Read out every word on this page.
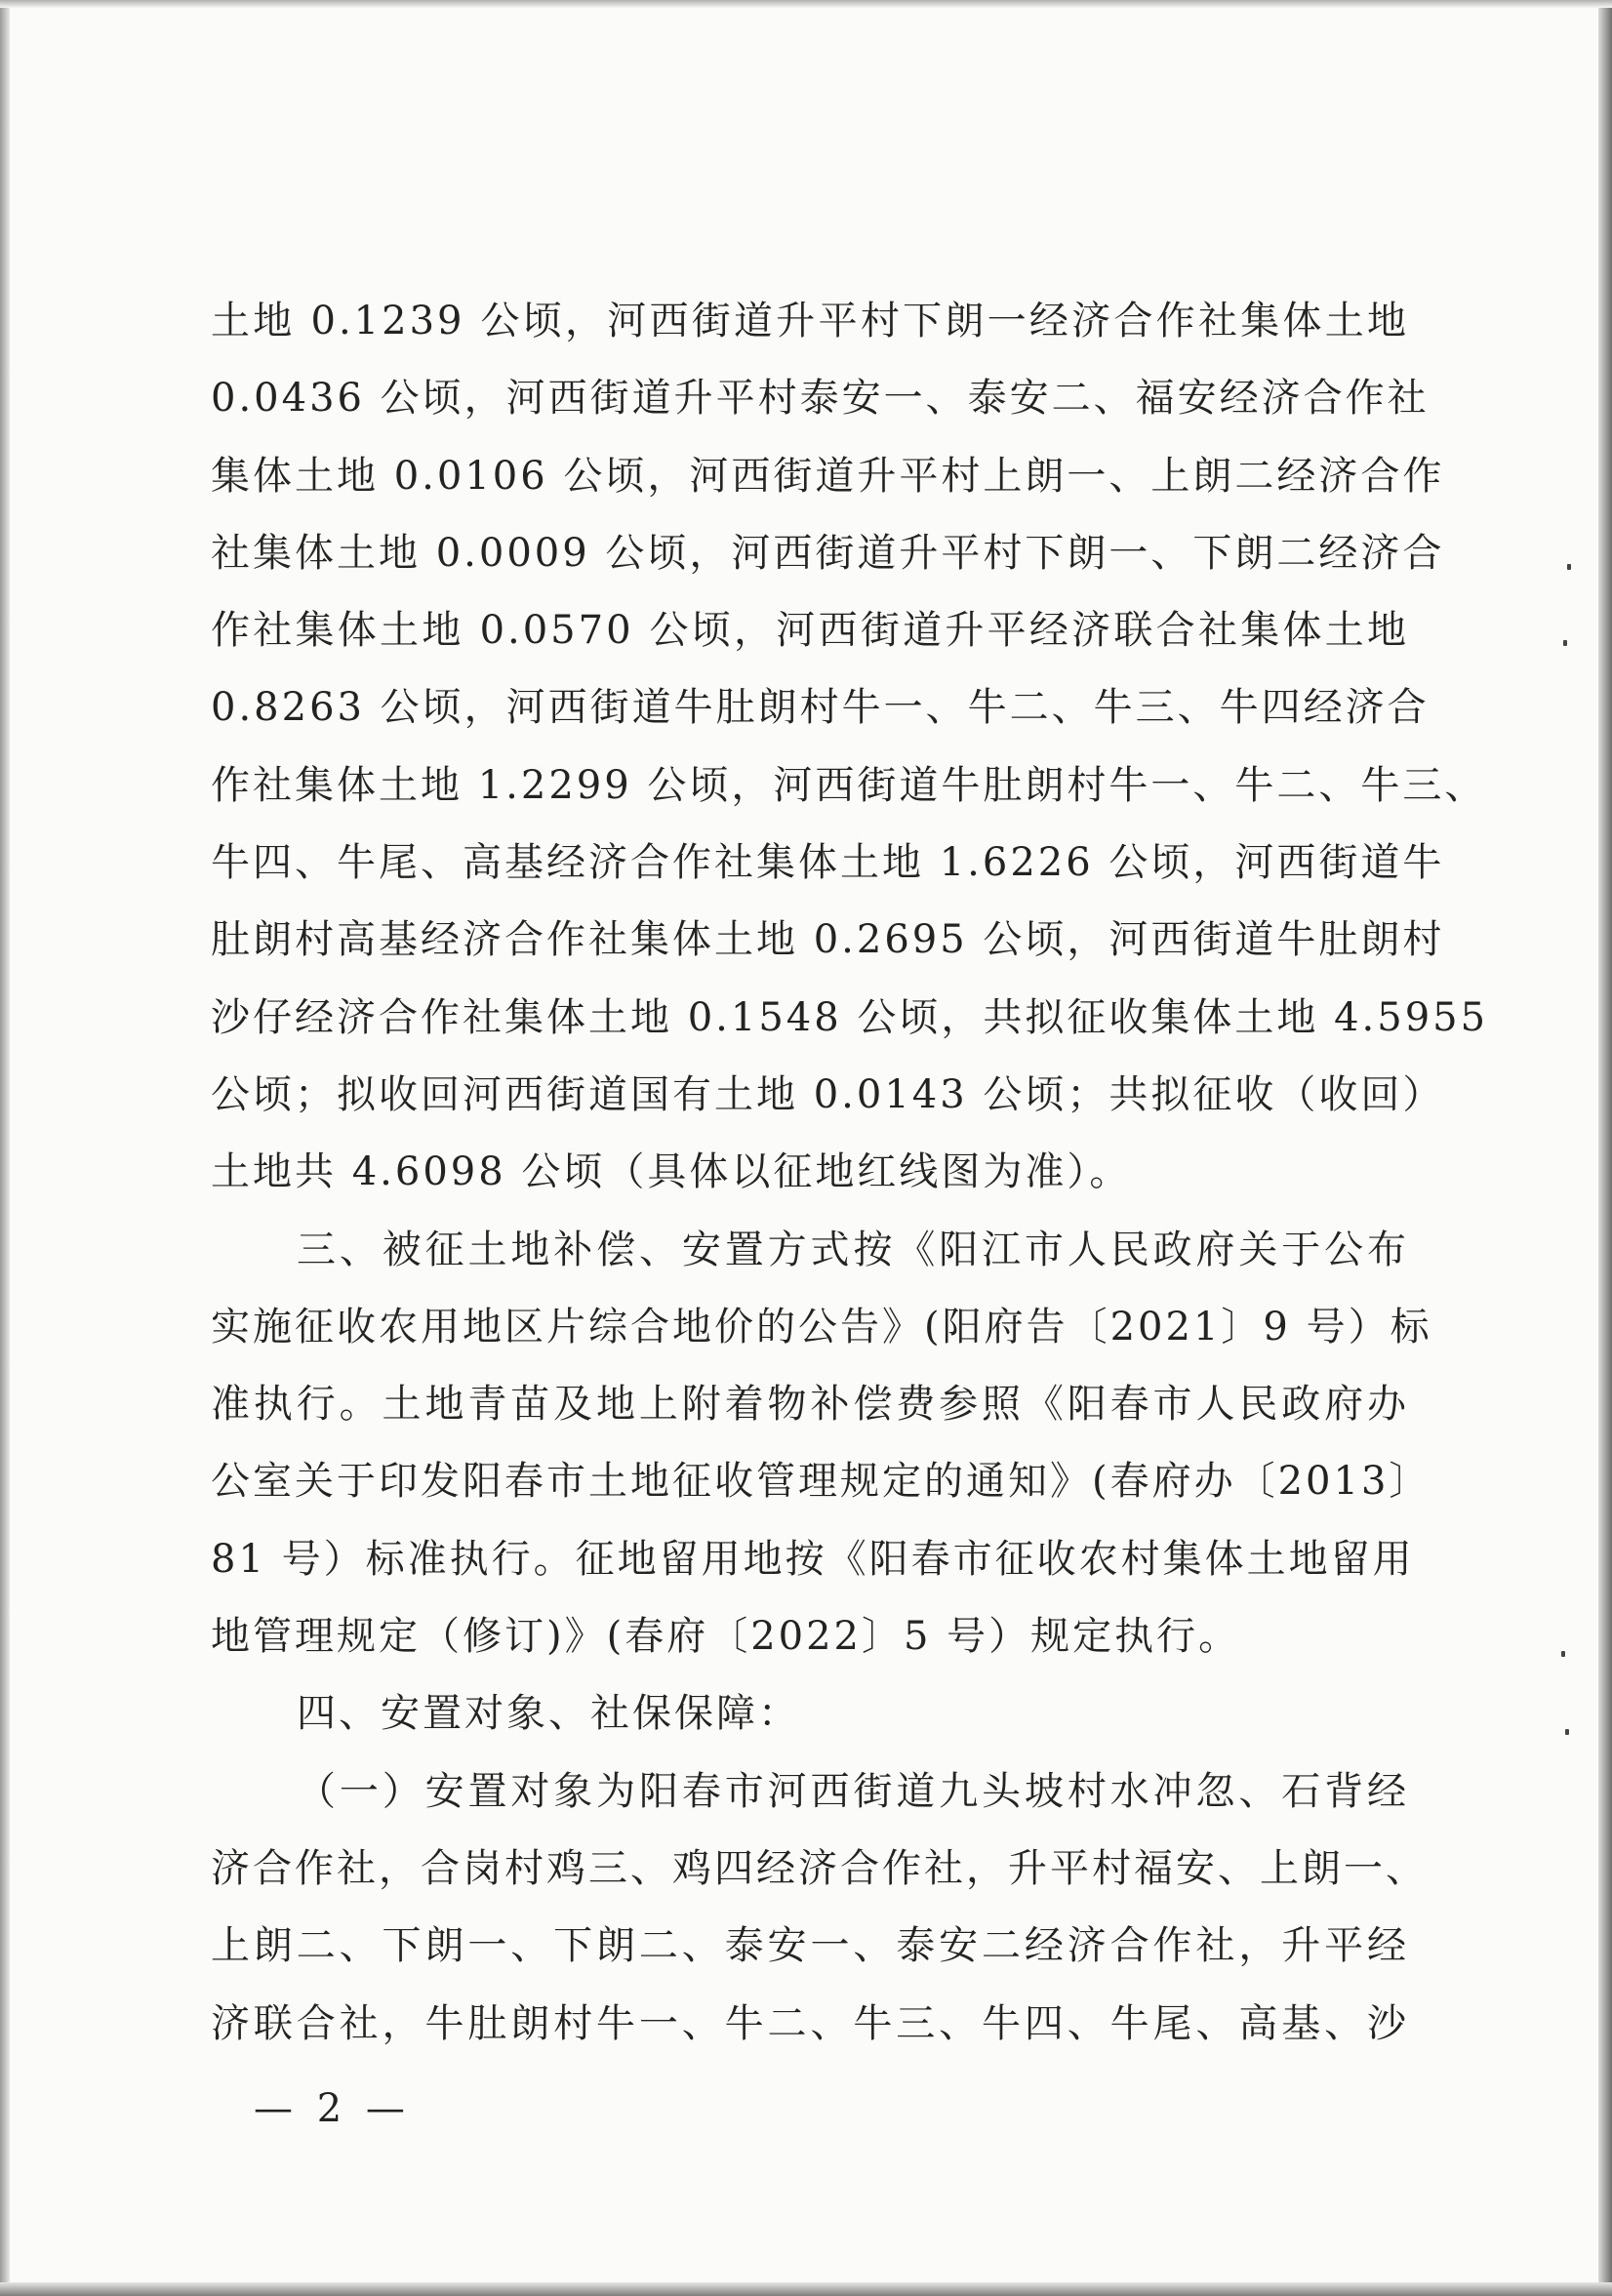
土地 0.1239 公顷，河西街道升平村下朗一经济合作社集体土地
0.0436 公顷，河西街道升平村泰安一、泰安二、福安经济合作社
集体土地 0.0106 公顷，河西街道升平村上朗一、上朗二经济合作
社集体土地 0.0009 公顷，河西街道升平村下朗一、下朗二经济合
作社集体土地 0.0570 公顷，河西街道升平经济联合社集体土地
0.8263 公顷，河西街道牛肚朗村牛一、牛二、牛三、牛四经济合
作社集体土地 1.2299 公顷，河西街道牛肚朗村牛一、牛二、牛三、
牛四、牛尾、高基经济合作社集体土地 1.6226 公顷，河西街道牛
肚朗村高基经济合作社集体土地 0.2695 公顷，河西街道牛肚朗村
沙仔经济合作社集体土地 0.1548 公顷，共拟征收集体土地 4.5955
公顷；拟收回河西街道国有土地 0.0143 公顷；共拟征收（收回）
土地共 4.6098 公顷（具体以征地红线图为准）。
三、被征土地补偿、安置方式按《阳江市人民政府关于公布
实施征收农用地区片综合地价的公告》(阳府告〔2021〕9 号）标
准执行。土地青苗及地上附着物补偿费参照《阳春市人民政府办
公室关于印发阳春市土地征收管理规定的通知》(春府办〔2013〕
81 号）标准执行。征地留用地按《阳春市征收农村集体土地留用
地管理规定（修订)》(春府〔2022〕5 号）规定执行。
四、安置对象、社保保障：
（一）安置对象为阳春市河西街道九头坡村水冲忽、石背经
济合作社，合岗村鸡三、鸡四经济合作社，升平村福安、上朗一、
上朗二、下朗一、下朗二、泰安一、泰安二经济合作社，升平经
济联合社，牛肚朗村牛一、牛二、牛三、牛四、牛尾、高基、沙
— 2 —
